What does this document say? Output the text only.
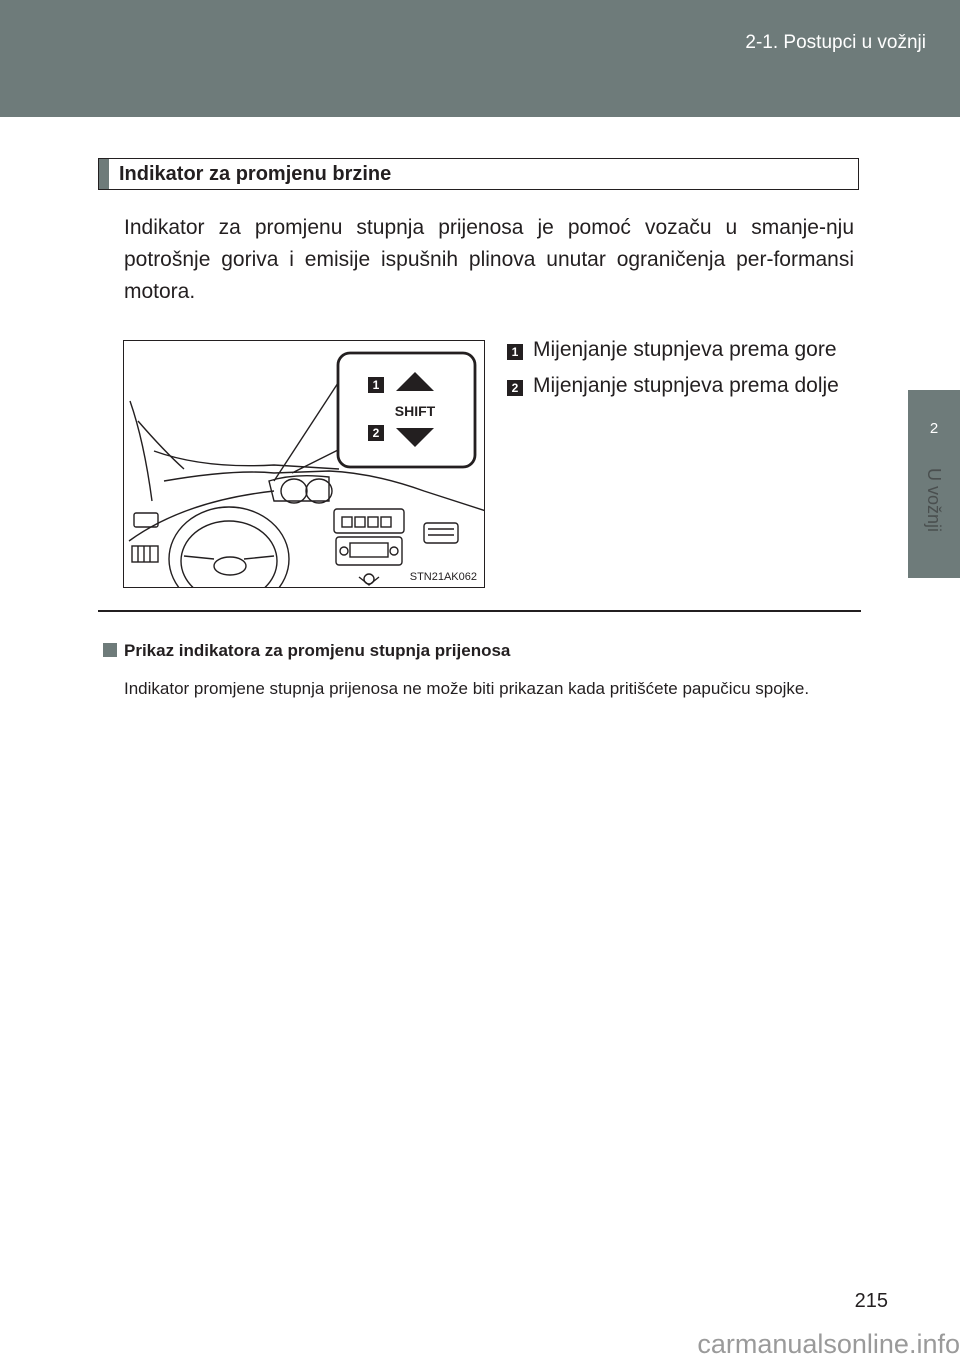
2-1. Postupci u vožnji
2
U vožnji
Indikator za promjenu brzine

Indikator za promjenu stupnja prijenosa je pomoć vozaču u smanje-nju potrošnje goriva i emisije ispušnih plinova unutar ograničenja per-formansi motora.

1
SHIFT
2
STN21AK062
1 Mijenjanje stupnjeva prema gore
2 Mijenjanje stupnjeva prema dolje
Prikaz indikatora za promjenu stupnja prijenosa

Indikator promjene stupnja prijenosa ne može biti prikazan kada pritišćete papučicu spojke.

215
carmanualsonline.info
